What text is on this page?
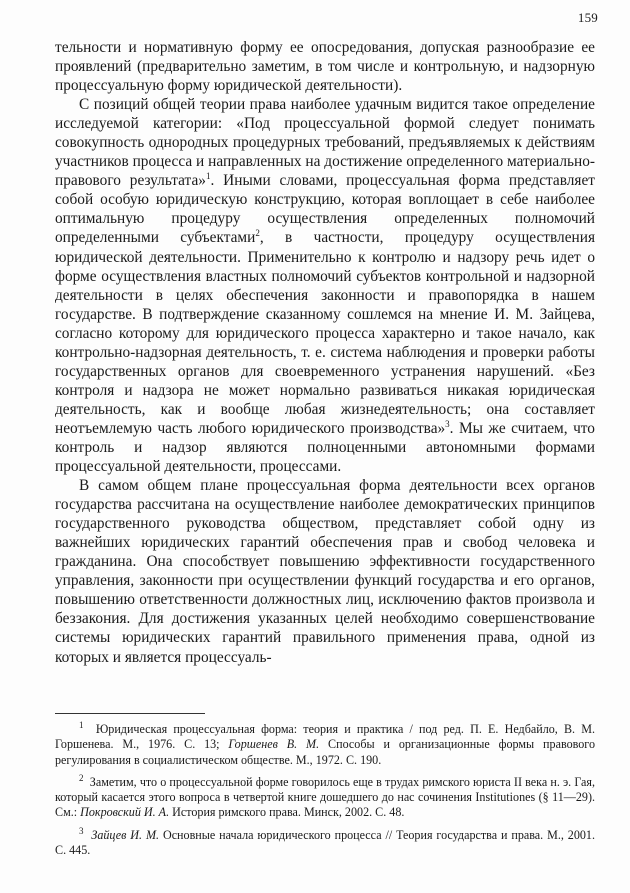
159

тельности и нормативную форму ее опосредования, допуская разнообразие ее проявлений (предварительно заметим, в том числе и контрольную, и надзорную процессуальную форму юридической деятельности).

С позиций общей теории права наиболее удачным видится такое определение исследуемой категории: «Под процессуальной формой следует понимать совокупность однородных процедурных требований, предъявляемых к действиям участников процесса и направленных на достижение определенного материально-правового результата»$^1$. Иными словами, процессуальная форма представляет собой особую юридическую конструкцию, которая воплощает в себе наиболее оптимальную процедуру осуществления определенных полномочий определенными субъектами$^2$, в частности, процедуру осуществления юридической деятельности. Применительно к контролю и надзору речь идет о форме осуществления властных полномочий субъектов контрольной и надзорной деятельности в целях обеспечения законности и правопорядка в нашем государстве. В подтверждение сказанному сошлемся на мнение И. М. Зайцева, согласно которому для юридического процесса характерно и такое начало, как контрольно-надзорная деятельность, т. е. система наблюдения и проверки работы государственных органов для своевременного устранения нарушений. «Без контроля и надзора не может нормально развиваться никакая юридическая деятельность, как и вообще любая жизнедеятельность; она составляет неотъемлемую часть любого юридического производства»$^3$. Мы же считаем, что контроль и надзор являются полноценными автономными формами процессуальной деятельности, процессами.

В самом общем плане процессуальная форма деятельности всех органов государства рассчитана на осуществление наиболее демократических принципов государственного руководства обществом, представляет собой одну из важнейших юридических гарантий обеспечения прав и свобод человека и гражданина. Она способствует повышению эффективности государственного управления, законности при осуществлении функций государства и его органов, повышению ответственности должностных лиц, исключению фактов произвола и беззакония. Для достижения указанных целей необходимо совершенствование системы юридических гарантий правильного применения права, одной из которых и является процессуаль-

$^1$ Юридическая процессуальная форма: теория и практика / под ред. П. Е. Недбайло, В. М. Горшенева. М., 1976. С. 13; Горшенев В. М. Способы и организационные формы правового регулирования в социалистическом обществе. М., 1972. С. 190.

$^2$ Заметим, что о процессуальной форме говорилось еще в трудах римского юриста II века н. э. Гая, который касается этого вопроса в четвертой книге дошедшего до нас сочинения Institutiones (§ 11—29). См.: Покровский И. А. История римского права. Минск, 2002. С. 48.

$^3$ Зайцев И. М. Основные начала юридического процесса // Теория государства и права. М., 2001. С. 445.
